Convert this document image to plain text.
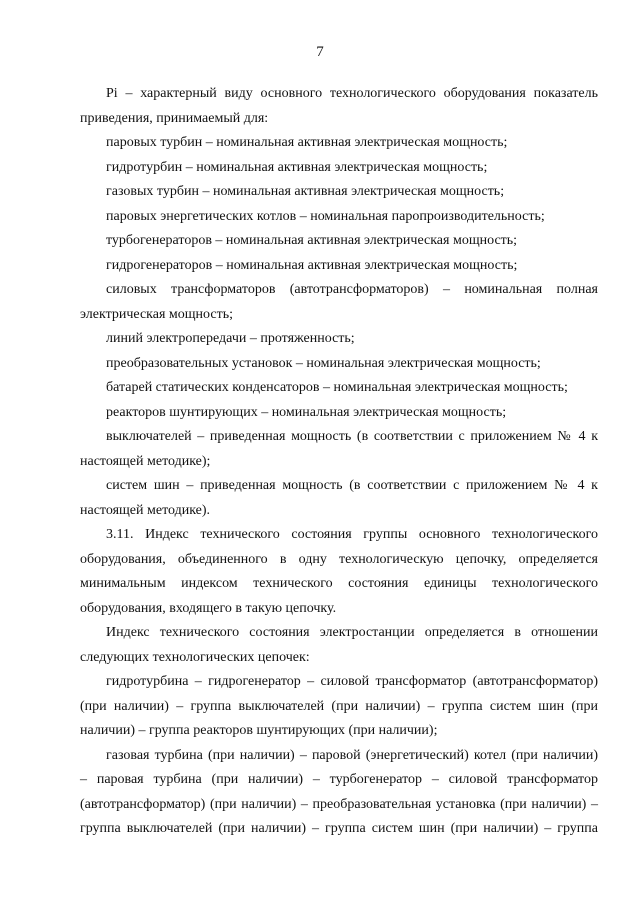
7
Pi – характерный виду основного технологического оборудования показатель
приведения, принимаемый для:
паровых турбин – номинальная активная электрическая мощность;
гидротурбин – номинальная активная электрическая мощность;
газовых турбин – номинальная активная электрическая мощность;
паровых энергетических котлов – номинальная паропроизводительность;
турбогенераторов – номинальная активная электрическая мощность;
гидрогенераторов – номинальная активная электрическая мощность;
силовых трансформаторов (автотрансформаторов) – номинальная полная
электрическая мощность;
линий электропередачи – протяженность;
преобразовательных установок – номинальная электрическая мощность;
батарей статических конденсаторов – номинальная электрическая мощность;
реакторов шунтирующих – номинальная электрическая мощность;
выключателей – приведенная мощность (в соответствии с приложением № 4 к
настоящей методике);
систем шин – приведенная мощность (в соответствии с приложением № 4 к
настоящей методике).
3.11. Индекс технического состояния группы основного технологического
оборудования, объединенного в одну технологическую цепочку, определяется
минимальным индексом технического состояния единицы технологического
оборудования, входящего в такую цепочку.
Индекс технического состояния электростанции определяется в отношении
следующих технологических цепочек:
гидротурбина – гидрогенератор – силовой трансформатор (автотрансформатор)
(при наличии) – группа выключателей (при наличии) – группа систем шин (при
наличии) – группа реакторов шунтирующих (при наличии);
газовая турбина (при наличии) – паровой (энергетический) котел (при наличии)
– паровая турбина (при наличии) – турбогенератор – силовой трансформатор
(автотрансформатор) (при наличии) – преобразовательная установка (при наличии) –
группа выключателей (при наличии) – группа систем шин (при наличии) – группа
